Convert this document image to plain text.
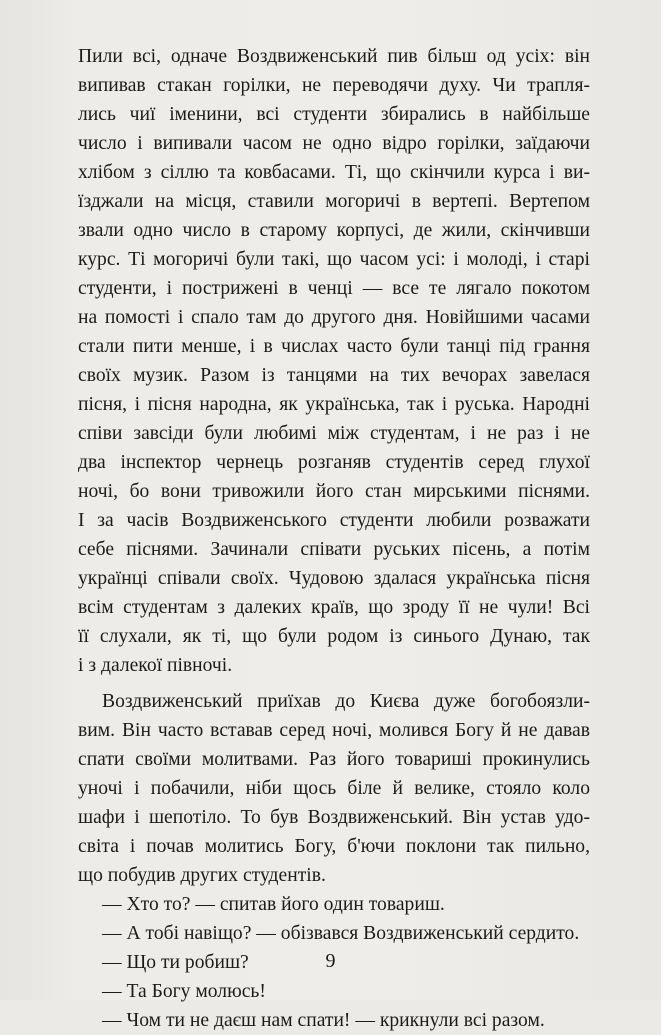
Пили всі, одначе Воздвиженський пив більш од усіх: він
випивав стакан горілки, не переводячи духу. Чи трапля-
лись чиї іменини, всі студенти збирались в найбільше
число і випивали часом не одно відро горілки, заїдаючи
хлібом з сіллю та ковбасами. Ті, що скінчили курса і ви-
їзджали на місця, ставили могоричі в вертепі. Вертепом
звали одно число в старому корпусі, де жили, скінчивши
курс. Ті могоричі були такі, що часом усі: і молоді, і старі
студенти, і пострижені в ченці — все те лягало покотом
на помості і спало там до другого дня. Новійшими часами
стали пити менше, і в числах часто були танці під грання
своїх музик. Разом із танцями на тих вечорах завелася
пісня, і пісня народна, як українська, так і руська. Народні
співи завсіди були любимі між студентам, і не раз і не
два інспектор чернець розганяв студентів серед глухої
ночі, бо вони тривожили його стан мирськими піснями.
І за часів Воздвиженського студенти любили розважати
себе піснями. Зачинали співати руських пісень, а потім
українці співали своїх. Чудовою здалася українська пісня
всім студентам з далеких країв, що зроду її не чули! Всі
її слухали, як ті, що були родом із синього Дунаю, так
і з далекої півночі.
Воздвиженський приїхав до Києва дуже богобоязли-
вим. Він часто вставав серед ночі, молився Богу й не давав
спати своїми молитвами. Раз його товариші прокинулись
уночі і побачили, ніби щось біле й велике, стояло коло
шафи і шепотіло. То був Воздвиженський. Він устав удо-
світа і почав молитись Богу, б'ючи поклони так пильно,
що побудив других студентів.
— Хто то? — спитав його один товариш.
— А тобі навіщо? — обізвався Воздвиженський сердито.
— Що ти робиш?
— Та Богу молюсь!
— Чом ти не даєш нам спати! — крикнули всі разом.
9
